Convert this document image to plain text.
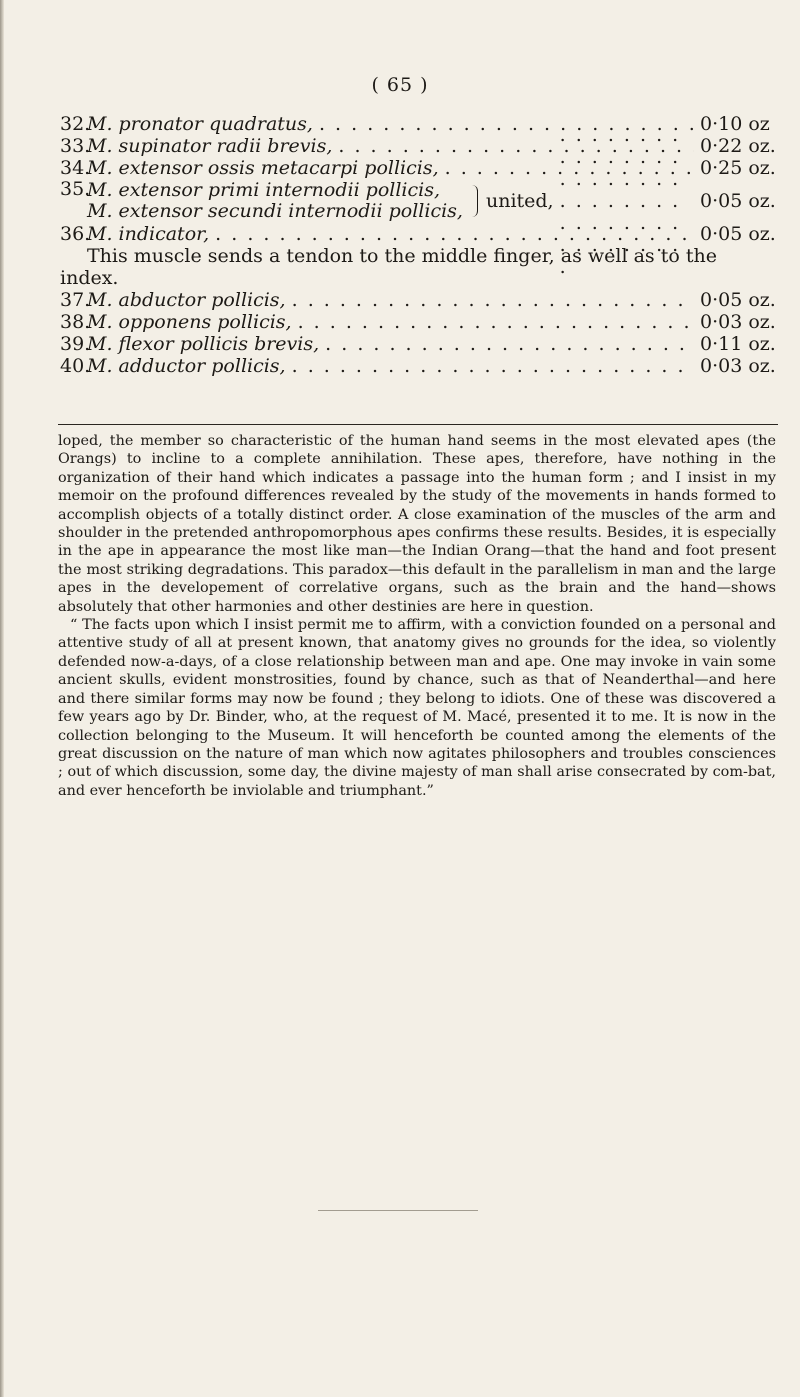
( 65 )
32.
M. pronator quadratus, . . .	0·10 oz
33.
M. supinator radii brevis, . . .	0·22 oz.
34.
M. extensor ossis metacarpi pollicis, . . .	0·25 oz.
35.
M. extensor primi internodii pollicis,
M. extensor secundi internodii pollicis, united, . . .	0·05 oz.
36.
M. indicator, . . .	0·05 oz.
This muscle sends a tendon to the middle finger, as well as to the index.
37.
M. abductor pollicis, . . .	0·05 oz.
38.
M. opponens pollicis, . . .	0·03 oz.
39.
M. flexor pollicis brevis, . . .	0·11 oz.
40.
M. adductor pollicis, . . .	0·03 oz.

loped, the member so characteristic of the human hand seems in the most elevated apes (the Orangs) to incline to a complete annihilation. These apes, therefore, have nothing in the organization of their hand which indicates a passage into the human form ; and I insist in my memoir on the profound differences revealed by the study of the movements in hands formed to accomplish objects of a totally distinct order. A close examination of the muscles of the arm and shoulder in the pretended anthropomorphous apes confirms these results. Besides, it is especially in the ape in appearance the most like man—the Indian Orang—that the hand and foot present the most striking degradations. This paradox—this default in the parallelism in man and the large apes in the developement of correlative organs, such as the brain and the hand—shows absolutely that other harmonies and other destinies are here in question.

“ The facts upon which I insist permit me to affirm, with a conviction founded on a personal and attentive study of all at present known, that anatomy gives no grounds for the idea, so violently defended now-a-days, of a close relationship between man and ape. One may invoke in vain some ancient skulls, evident monstrosities, found by chance, such as that of Neanderthal—and here and there similar forms may now be found ; they belong to idiots. One of these was discovered a few years ago by Dr. Binder, who, at the request of M. Macé, presented it to me. It is now in the collection belonging to the Museum. It will henceforth be counted among the elements of the great discussion on the nature of man which now agitates philosophers and troubles consciences ; out of which discussion, some day, the divine majesty of man shall arise consecrated by com-bat, and ever henceforth be inviolable and triumphant.”
